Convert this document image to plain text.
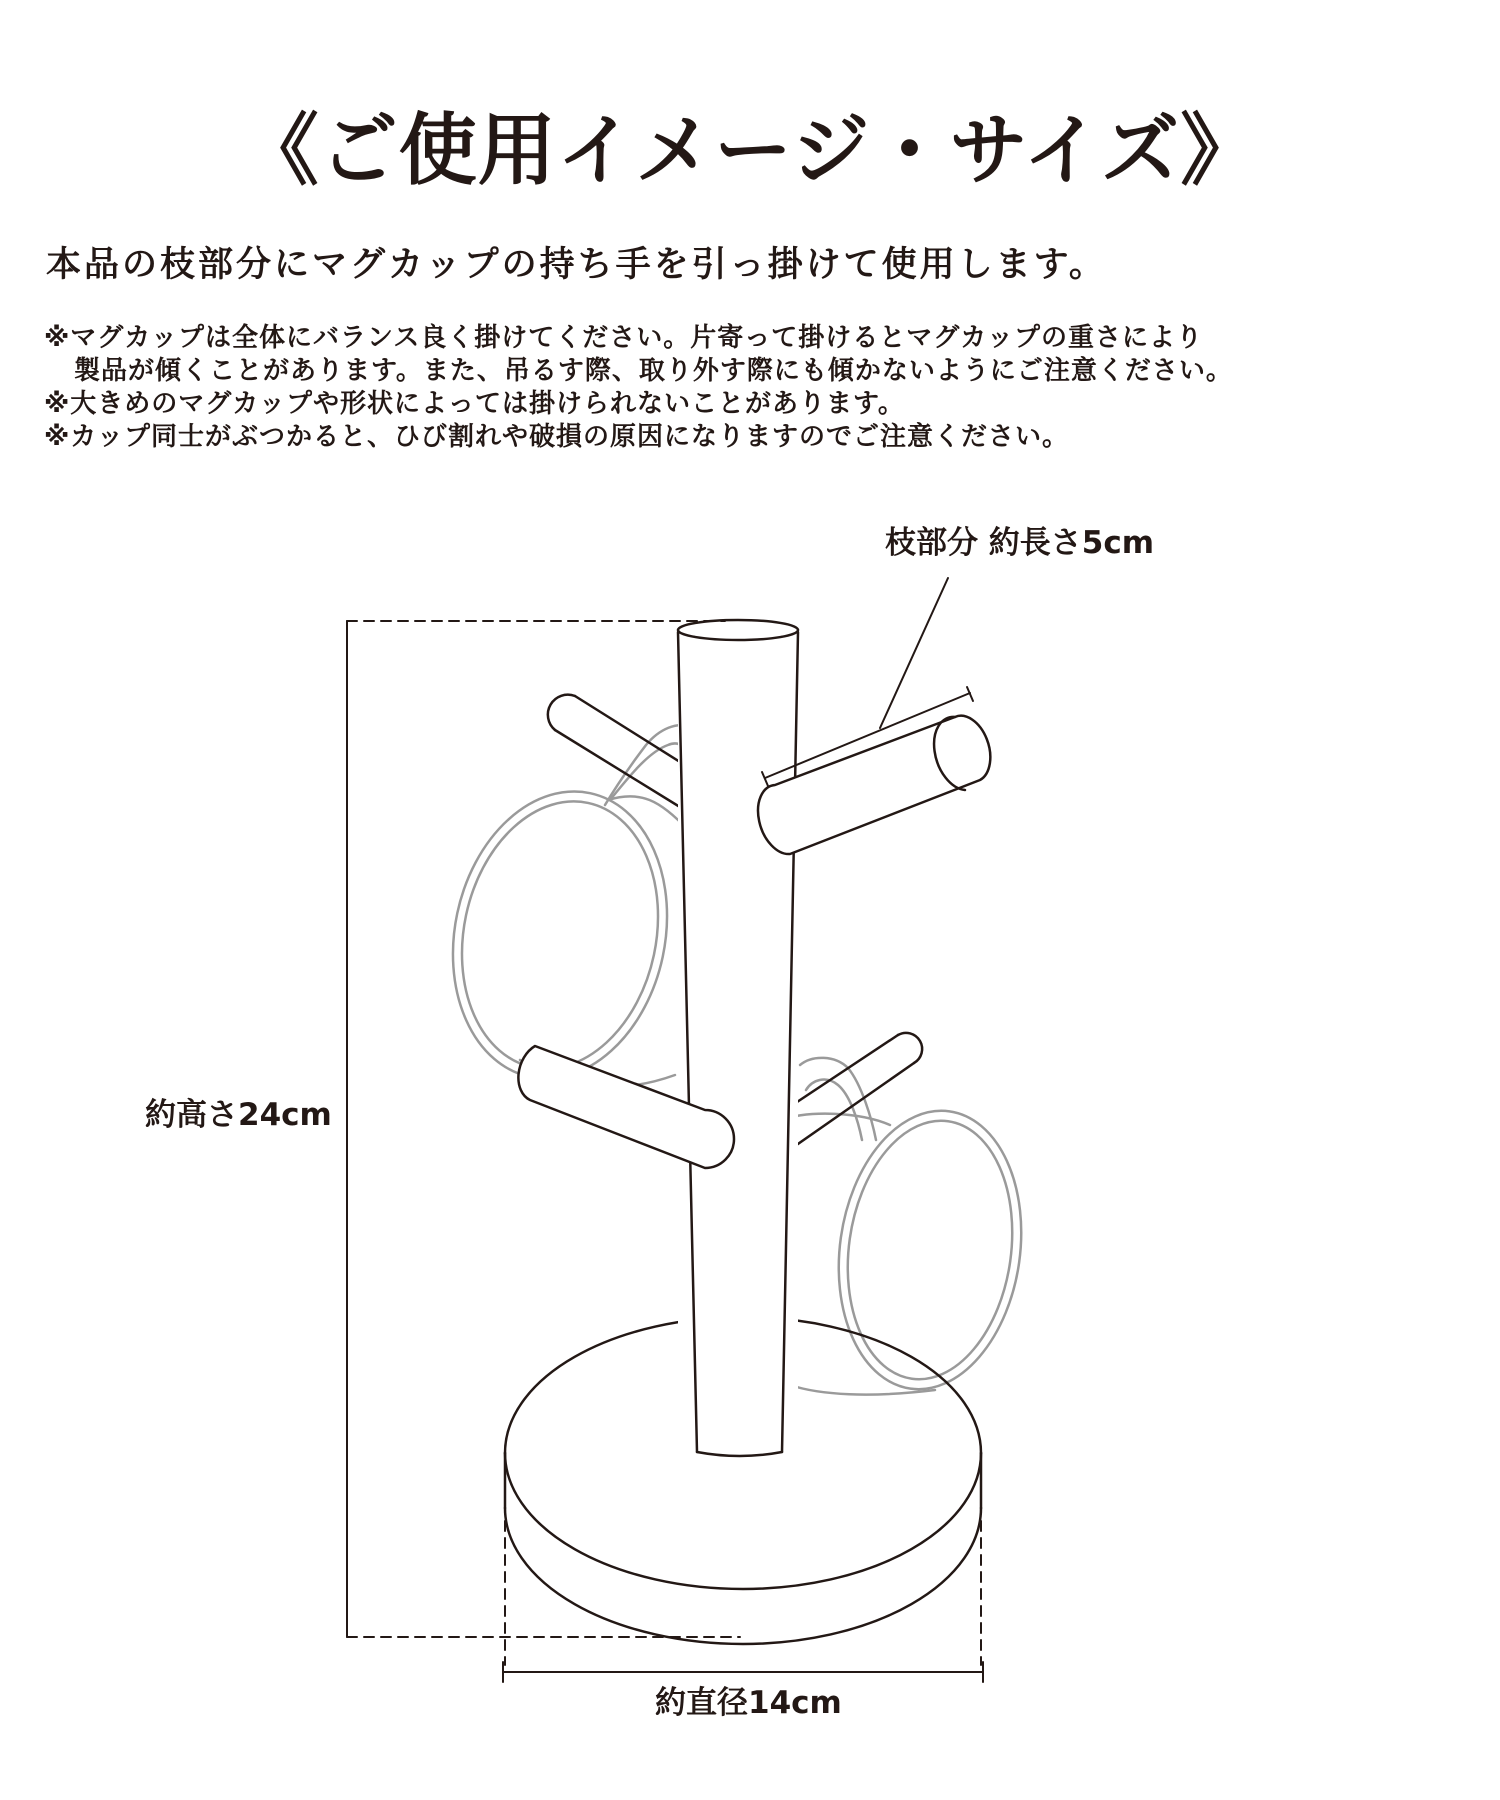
《ご使用イメージ・サイズ》

本品の枝部分にマグカップの持ち手を引っ掛けて使用します。

※マグカップは全体にバランス良く掛けてください。片寄って掛けるとマグカップの重さにより
製品が傾くことがあります。また、吊るす際、取り外す際にも傾かないようにご注意ください。
※大きめのマグカップや形状によっては掛けられないことがあります。
※カップ同士がぶつかると、ひび割れや破損の原因になりますのでご注意ください。

枝部分 約長さ5cm

約高さ24cm

約直径14cm
